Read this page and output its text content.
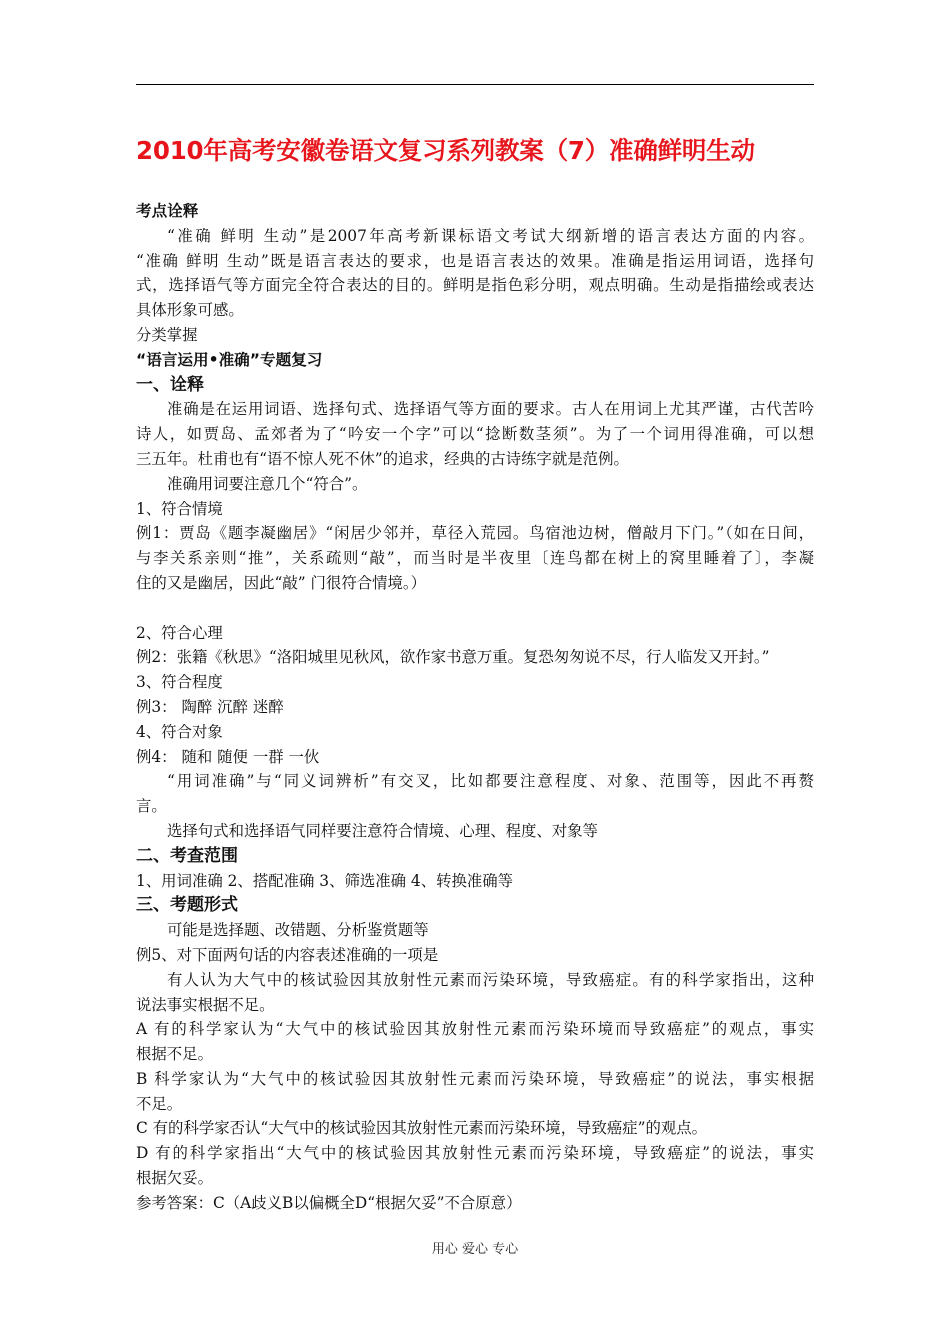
2010年高考安徽卷语文复习系列教案（7）准确鲜明生动
考点诠释
“准确 鲜明 生动”是2007年高考新课标语文考试大纲新增的语言表达方面的内容。
“准确 鲜明 生动”既是语言表达的要求，也是语言表达的效果。准确是指运用词语，选择句
式，选择语气等方面完全符合表达的目的。鲜明是指色彩分明，观点明确。生动是指描绘或表达
具体形象可感。
分类掌握
“语言运用•准确”专题复习
一、诠释
准确是在运用词语、选择句式、选择语气等方面的要求。古人在用词上尤其严谨，古代苦吟
诗人，如贾岛、孟郊者为了“吟安一个字”可以“捻断数茎须”。为了一个词用得准确，可以想
三五年。杜甫也有“语不惊人死不休”的追求，经典的古诗练字就是范例。
准确用词要注意几个“符合”。
1、符合情境
例1：贾岛《题李凝幽居》“闲居少邻并，草径入荒园。鸟宿池边树，僧敲月下门。”（如在日间，
与李关系亲则“推”，关系疏则“敲”，而当时是半夜里〔连鸟都在树上的窝里睡着了〕，李凝
住的又是幽居，因此“敲” 门很符合情境。）
2、符合心理
例2：张籍《秋思》“洛阳城里见秋风，欲作家书意万重。复恐匆匆说不尽，行人临发又开封。”
3、符合程度
例3： 陶醉 沉醉 迷醉
4、符合对象
例4： 随和 随便 一群 一伙
“用词准确”与“同义词辨析”有交叉，比如都要注意程度、对象、范围等，因此不再赘
言。
选择句式和选择语气同样要注意符合情境、心理、程度、对象等
二、考查范围
1、用词准确 2、搭配准确 3、筛选准确 4、转换准确等
三、考题形式
可能是选择题、改错题、分析鉴赏题等
例5、对下面两句话的内容表述准确的一项是
有人认为大气中的核试验因其放射性元素而污染环境，导致癌症。有的科学家指出，这种
说法事实根据不足。
A 有的科学家认为“大气中的核试验因其放射性元素而污染环境而导致癌症”的观点，事实
根据不足。
B 科学家认为“大气中的核试验因其放射性元素而污染环境，导致癌症”的说法，事实根据
不足。
C 有的科学家否认“大气中的核试验因其放射性元素而污染环境，导致癌症”的观点。
D 有的科学家指出“大气中的核试验因其放射性元素而污染环境，导致癌症”的说法，事实
根据欠妥。
参考答案：C（A歧义B以偏概全D“根据欠妥”不合原意）
用心 爱心 专心
